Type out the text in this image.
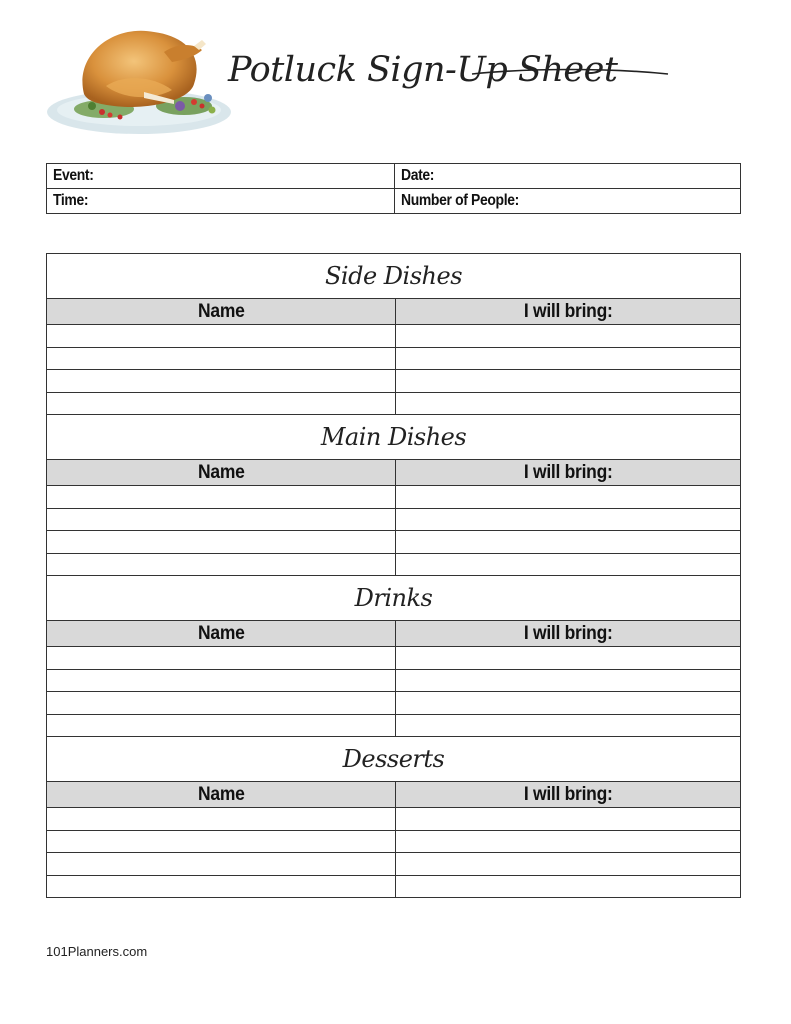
Potluck Sign-Up Sheet
Event:	Date:
Time:	Number of People:
Side Dishes	
Name	I will bring:

Main Dishes	
Name	I will bring:

Drinks	
Name	I will bring:

Desserts	
Name	I will bring:

101Planners.com
